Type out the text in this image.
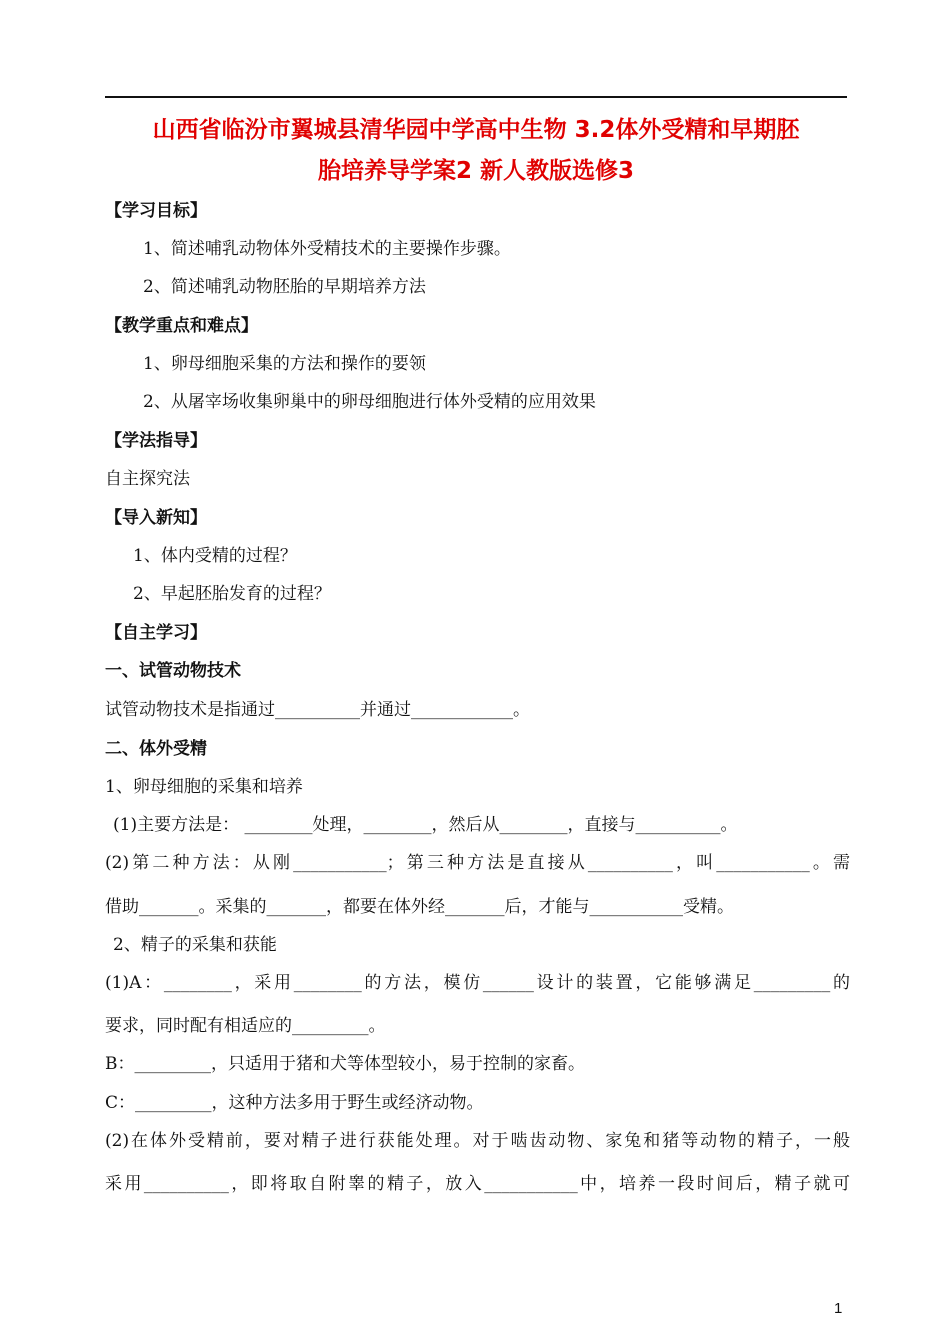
山西省临汾市翼城县清华园中学高中生物 3.2体外受精和早期胚
胎培养导学案2 新人教版选修3
【学习目标】
1、简述哺乳动物体外受精技术的主要操作步骤。
2、简述哺乳动物胚胎的早期培养方法
【教学重点和难点】
1、卵母细胞采集的方法和操作的要领
2、从屠宰场收集卵巢中的卵母细胞进行体外受精的应用效果
【学法指导】
自主探究法
【导入新知】
1、体内受精的过程？
2、早起胚胎发育的过程？
【自主学习】
一、试管动物技术
试管动物技术是指通过__________并通过____________。
二、体外受精
1、卵母细胞的采集和培养
(1)主要方法是： ________处理，________，然后从________，直接与__________。
(2)第二种方法：从刚___________；第三种方法是直接从__________，叫___________。需
借助_______。采集的_______，都要在体外经_______后，才能与___________受精。
2、精子的采集和获能
(1)A：________，采用________的方法，模仿______设计的装置，它能够满足_________的
要求，同时配有相适应的_________。
B：_________，只适用于猪和犬等体型较小，易于控制的家畜。
C：_________，这种方法多用于野生或经济动物。
(2)在体外受精前，要对精子进行获能处理。对于啮齿动物、家兔和猪等动物的精子，一般
采用__________，即将取自附睾的精子，放入___________中，培养一段时间后，精子就可
1
